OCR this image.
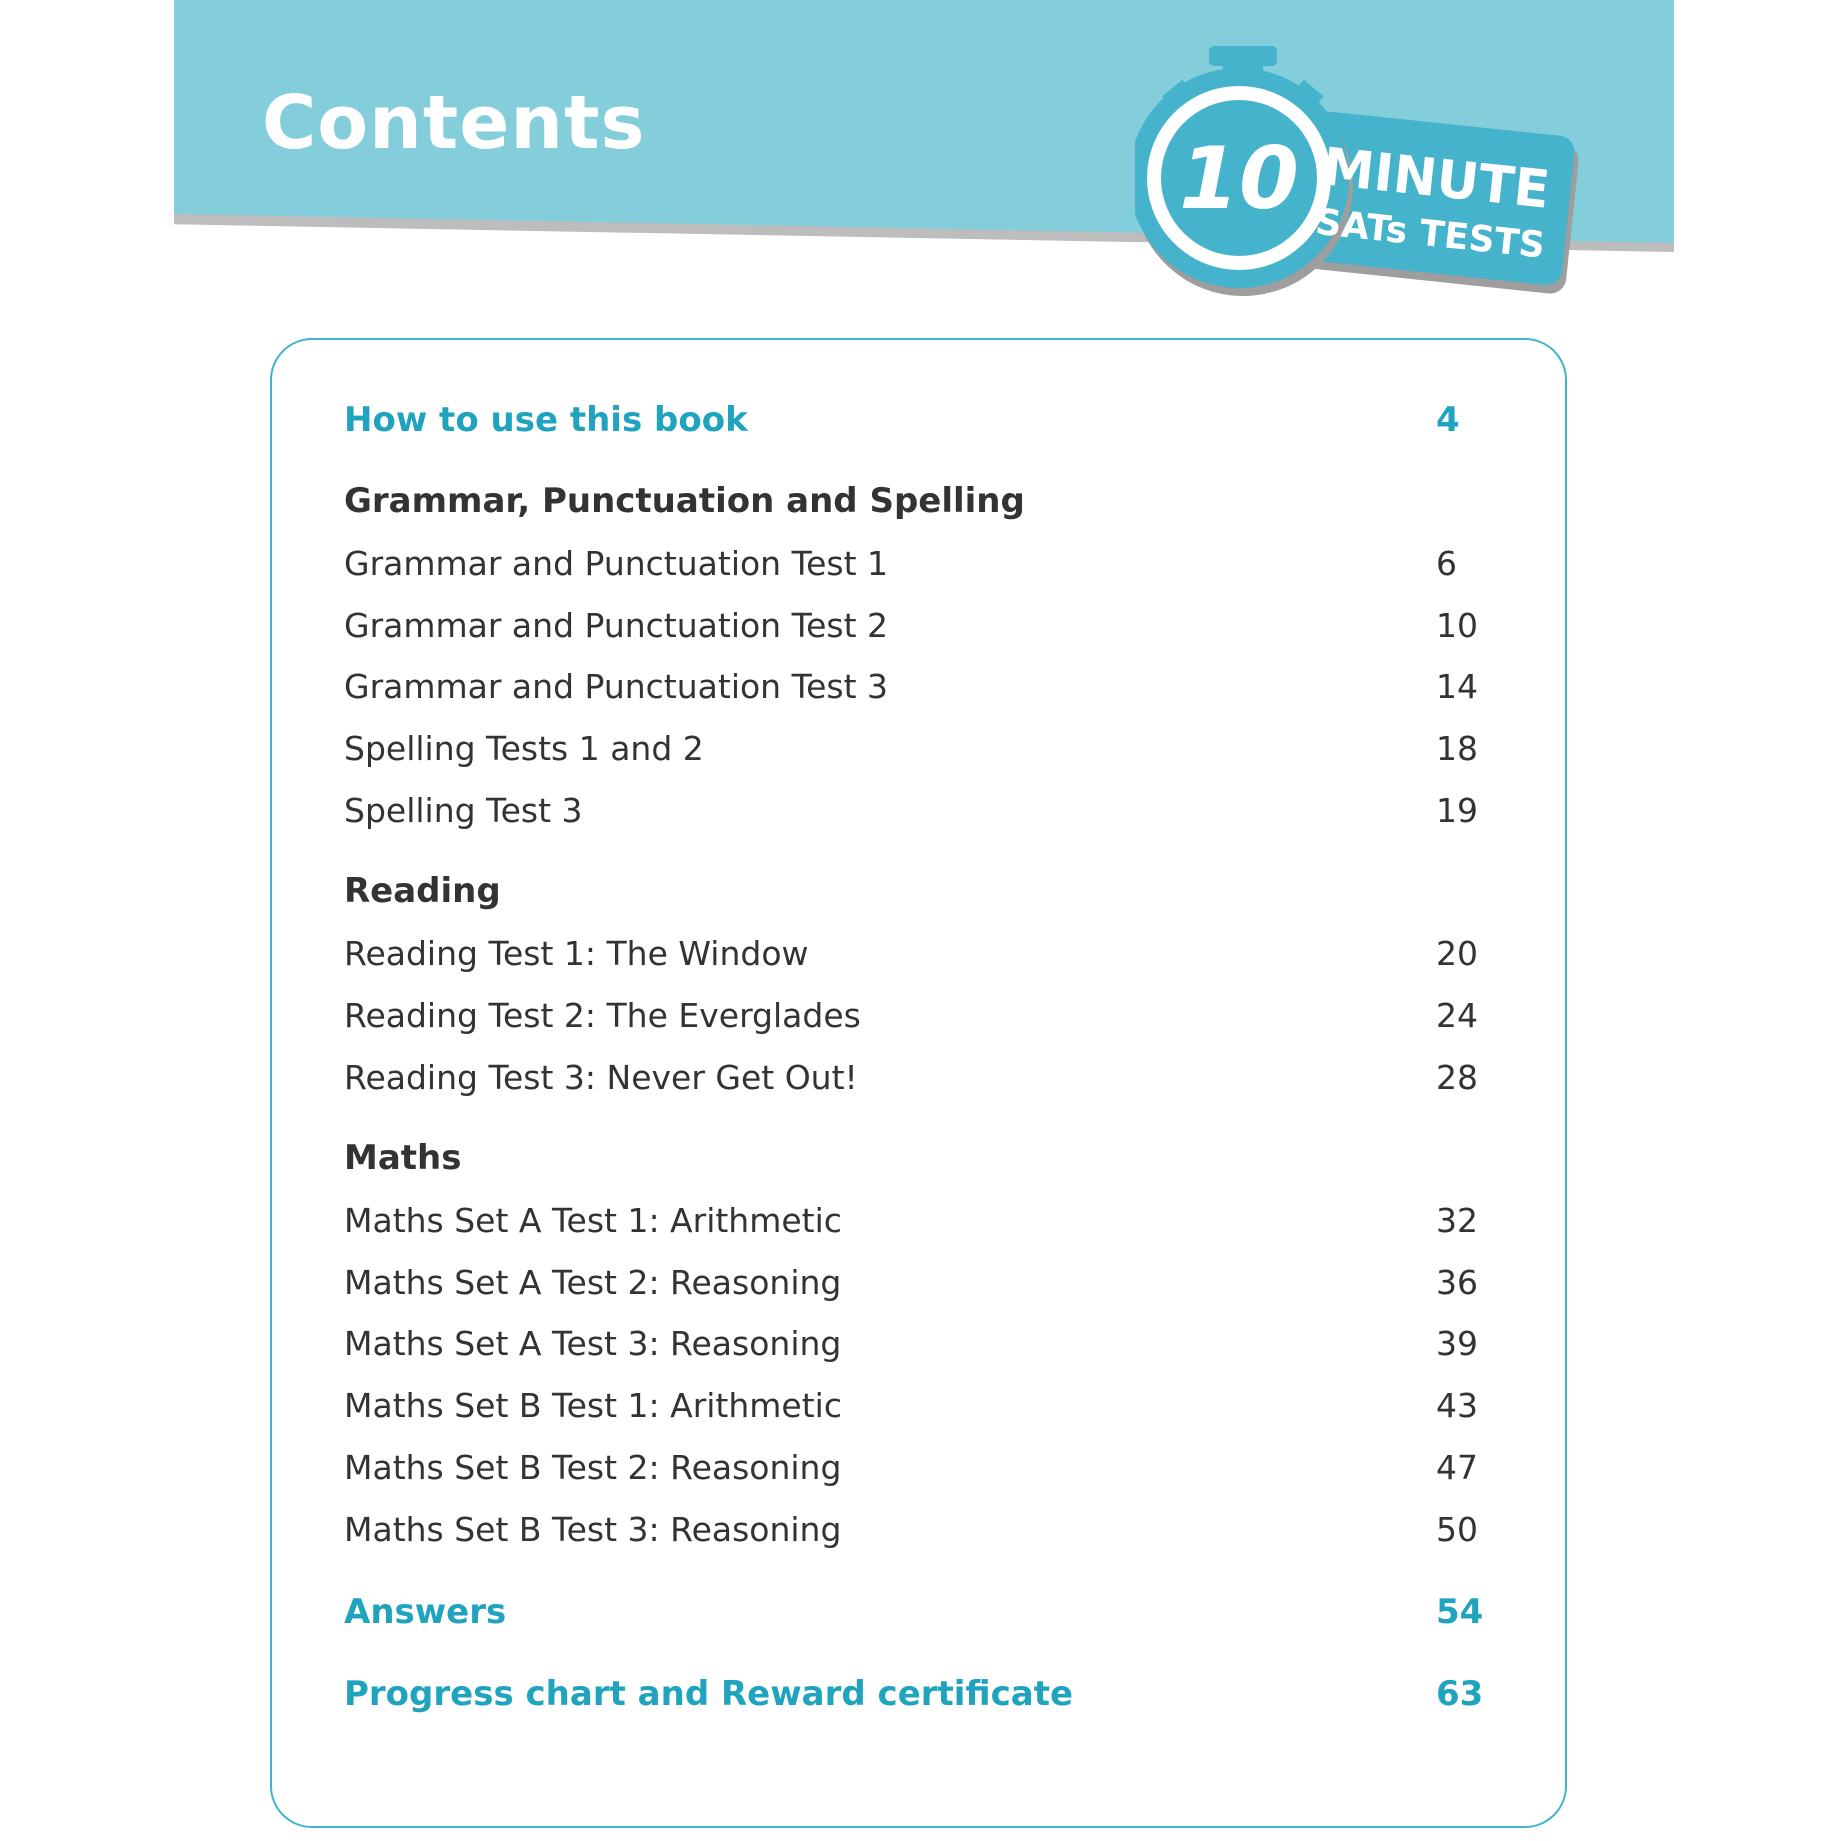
Contents
10 MINUTE
SATs TESTS
How to use this book	4
Grammar, Punctuation and Spelling
Grammar and Punctuation Test 1	6
Grammar and Punctuation Test 2	10
Grammar and Punctuation Test 3	14
Spelling Tests 1 and 2	18
Spelling Test 3	19
Reading
Reading Test 1: The Window	20
Reading Test 2: The Everglades	24
Reading Test 3: Never Get Out!	28
Maths
Maths Set A Test 1: Arithmetic	32
Maths Set A Test 2: Reasoning	36
Maths Set A Test 3: Reasoning	39
Maths Set B Test 1: Arithmetic	43
Maths Set B Test 2: Reasoning	47
Maths Set B Test 3: Reasoning	50
Answers	54
Progress chart and Reward certificate	63
